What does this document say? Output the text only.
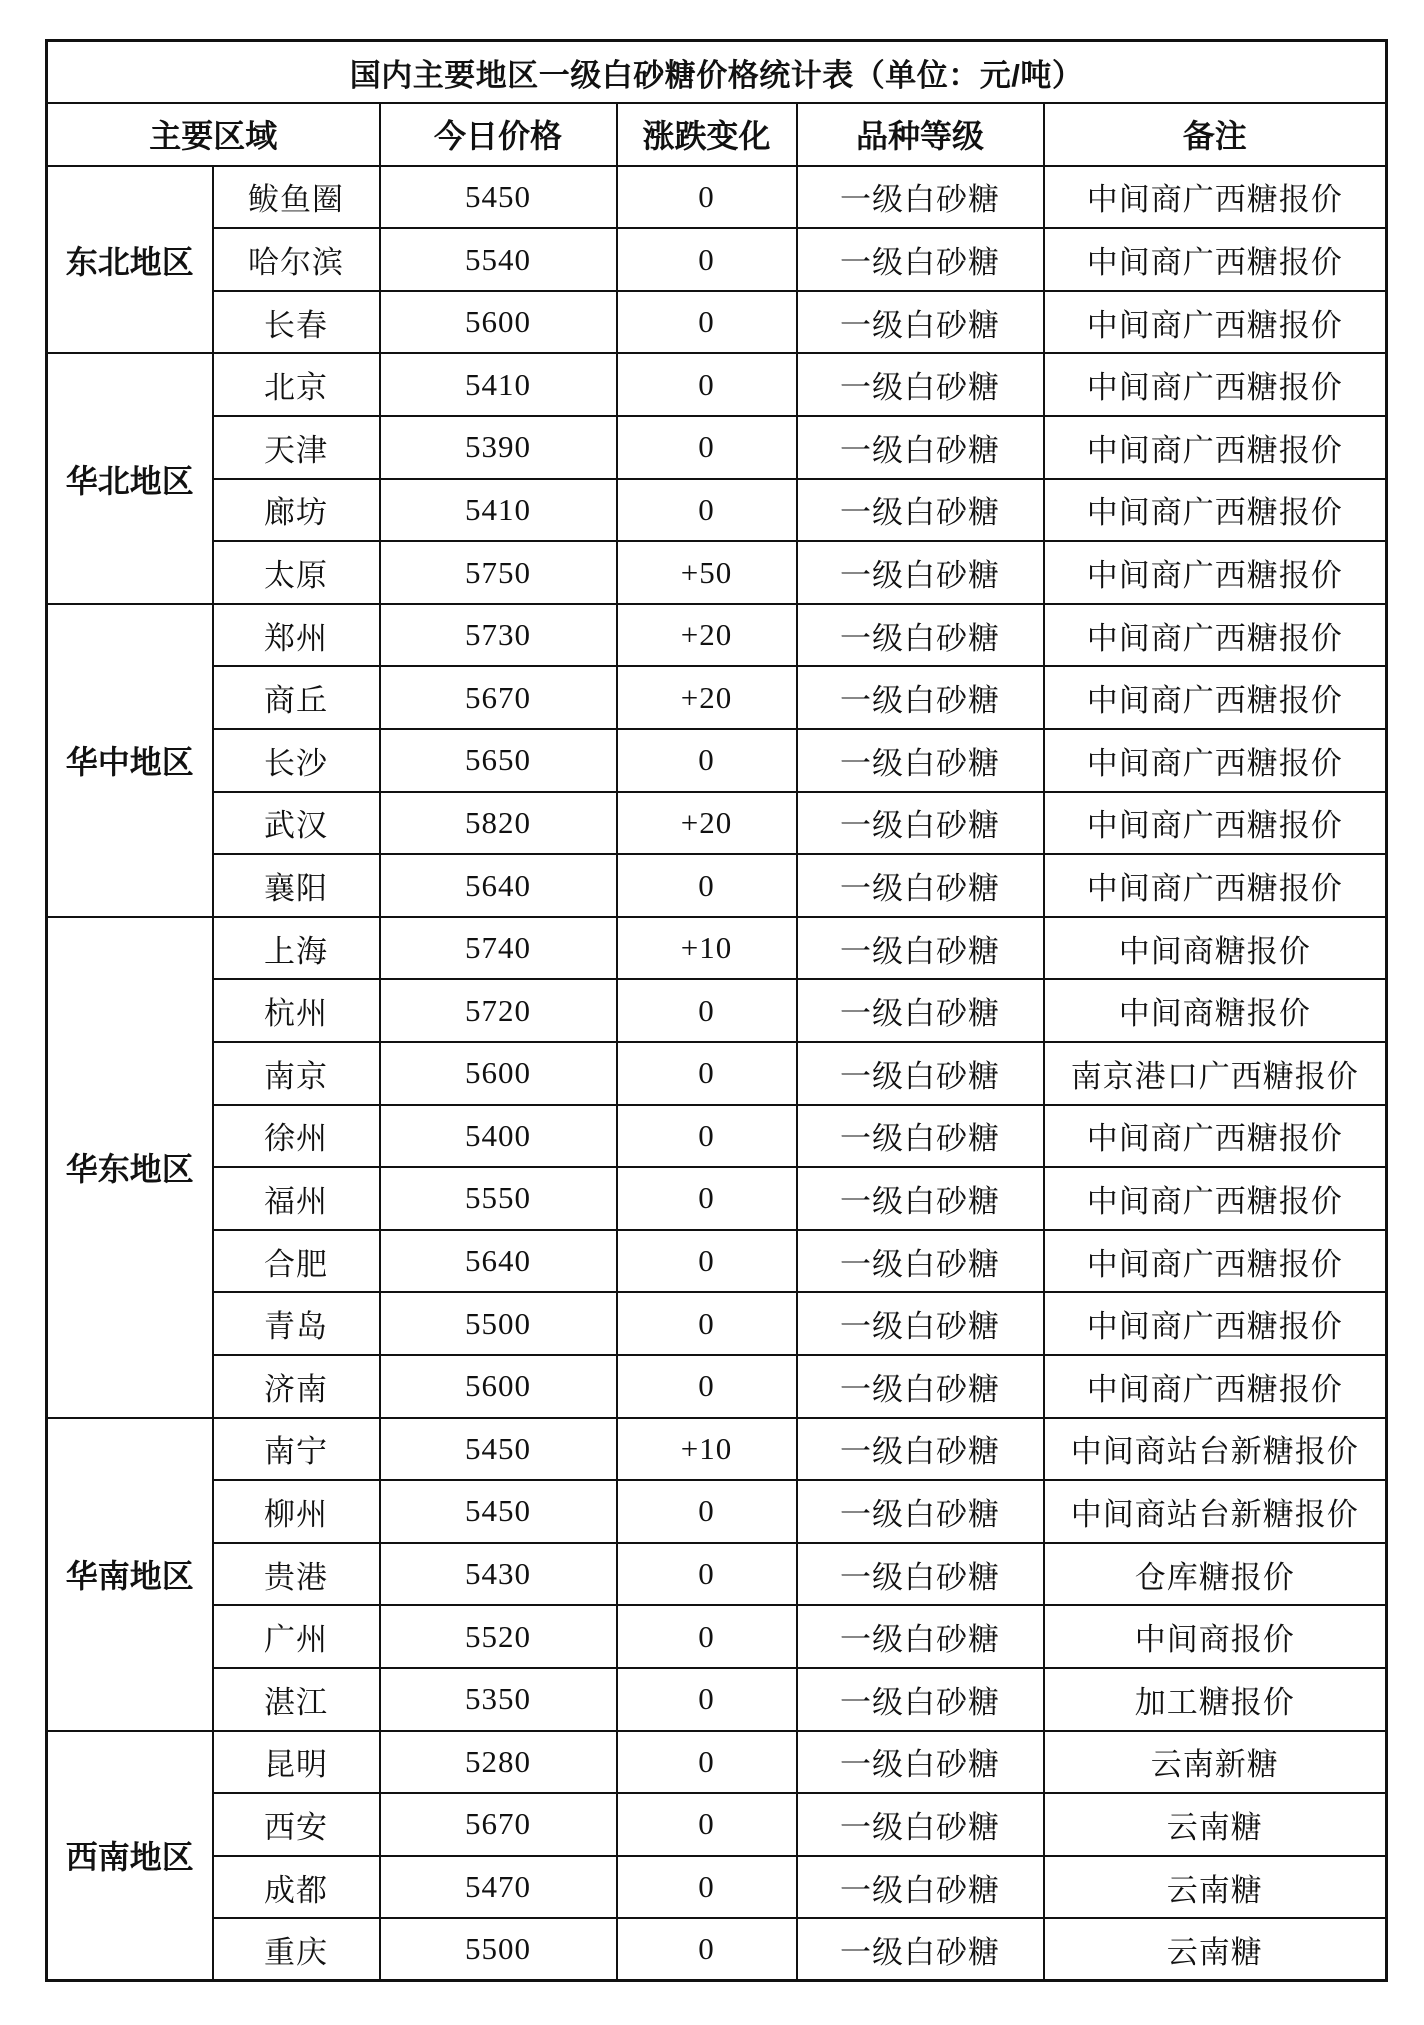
国内主要地区一级白砂糖价格统计表（单位：元/吨）					
主要区域		今日价格	涨跌变化	品种等级	备注
东北地区	鲅鱼圈	5450	0	一级白砂糖	中间商广西糖报价
	哈尔滨	5540	0	一级白砂糖	中间商广西糖报价
	长春	5600	0	一级白砂糖	中间商广西糖报价
华北地区	北京	5410	0	一级白砂糖	中间商广西糖报价
	天津	5390	0	一级白砂糖	中间商广西糖报价
	廊坊	5410	0	一级白砂糖	中间商广西糖报价
	太原	5750	+50	一级白砂糖	中间商广西糖报价
华中地区	郑州	5730	+20	一级白砂糖	中间商广西糖报价
	商丘	5670	+20	一级白砂糖	中间商广西糖报价
	长沙	5650	0	一级白砂糖	中间商广西糖报价
	武汉	5820	+20	一级白砂糖	中间商广西糖报价
	襄阳	5640	0	一级白砂糖	中间商广西糖报价
华东地区	上海	5740	+10	一级白砂糖	中间商糖报价
	杭州	5720	0	一级白砂糖	中间商糖报价
	南京	5600	0	一级白砂糖	南京港口广西糖报价
	徐州	5400	0	一级白砂糖	中间商广西糖报价
	福州	5550	0	一级白砂糖	中间商广西糖报价
	合肥	5640	0	一级白砂糖	中间商广西糖报价
	青岛	5500	0	一级白砂糖	中间商广西糖报价
	济南	5600	0	一级白砂糖	中间商广西糖报价
华南地区	南宁	5450	+10	一级白砂糖	中间商站台新糖报价
	柳州	5450	0	一级白砂糖	中间商站台新糖报价
	贵港	5430	0	一级白砂糖	仓库糖报价
	广州	5520	0	一级白砂糖	中间商报价
	湛江	5350	0	一级白砂糖	加工糖报价
西南地区	昆明	5280	0	一级白砂糖	云南新糖
	西安	5670	0	一级白砂糖	云南糖
	成都	5470	0	一级白砂糖	云南糖
	重庆	5500	0	一级白砂糖	云南糖
